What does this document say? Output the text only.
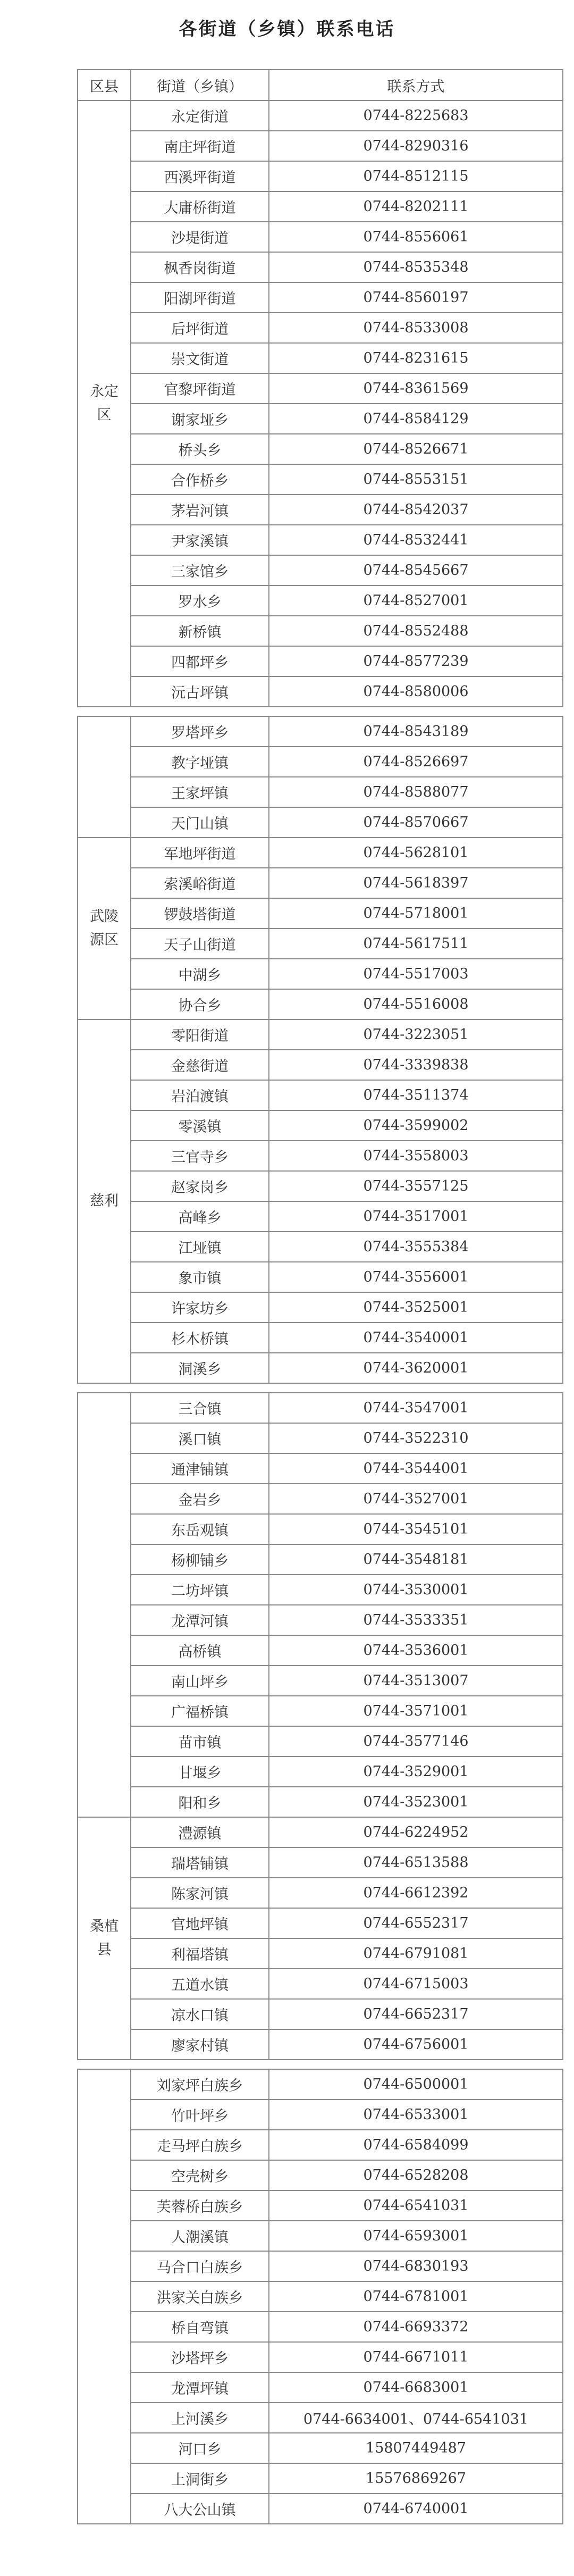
各街道（乡镇）联系电话
区县	街道（乡镇）	联系方式

永定
区	永定街道	0744-8225683
	南庄坪街道	0744-8290316
	西溪坪街道	0744-8512115
	大庸桥街道	0744-8202111
	沙堤街道	0744-8556061
	枫香岗街道	0744-8535348
	阳湖坪街道	0744-8560197
	后坪街道	0744-8533008
	崇文街道	0744-8231615
	官黎坪街道	0744-8361569
	谢家垭乡	0744-8584129
	桥头乡	0744-8526671
	合作桥乡	0744-8553151
	茅岩河镇	0744-8542037
	尹家溪镇	0744-8532441
	三家馆乡	0744-8545667
	罗水乡	0744-8527001
	新桥镇	0744-8552488
	四都坪乡	0744-8577239
	沅古坪镇	0744-8580006
	罗塔坪乡	0744-8543189
	教字垭镇	0744-8526697
	王家坪镇	0744-8588077
	天门山镇	0744-8570667

武陵
源区	军地坪街道	0744-5628101
	索溪峪街道	0744-5618397
	锣鼓塔街道	0744-5718001
	天子山街道	0744-5617511
	中湖乡	0744-5517003
	协合乡	0744-5516008

慈利	零阳街道	0744-3223051
	金慈街道	0744-3339838
	岩泊渡镇	0744-3511374
	零溪镇	0744-3599002
	三官寺乡	0744-3558003
	赵家岗乡	0744-3557125
	高峰乡	0744-3517001
	江垭镇	0744-3555384
	象市镇	0744-3556001
	许家坊乡	0744-3525001
	杉木桥镇	0744-3540001
	洞溪乡	0744-3620001
	三合镇	0744-3547001
	溪口镇	0744-3522310
	通津铺镇	0744-3544001
	金岩乡	0744-3527001
	东岳观镇	0744-3545101
	杨柳铺乡	0744-3548181
	二坊坪镇	0744-3530001
	龙潭河镇	0744-3533351
	高桥镇	0744-3536001
	南山坪乡	0744-3513007
	广福桥镇	0744-3571001
	苗市镇	0744-3577146
	甘堰乡	0744-3529001
	阳和乡	0744-3523001

桑植
县	澧源镇	0744-6224952
	瑞塔铺镇	0744-6513588
	陈家河镇	0744-6612392
	官地坪镇	0744-6552317
	利福塔镇	0744-6791081
	五道水镇	0744-6715003
	凉水口镇	0744-6652317
	廖家村镇	0744-6756001
	刘家坪白族乡	0744-6500001
	竹叶坪乡	0744-6533001
	走马坪白族乡	0744-6584099
	空壳树乡	0744-6528208
	芙蓉桥白族乡	0744-6541031
	人潮溪镇	0744-6593001
	马合口白族乡	0744-6830193
	洪家关白族乡	0744-6781001
	桥自弯镇	0744-6693372
	沙塔坪乡	0744-6671011
	龙潭坪镇	0744-6683001
	上河溪乡	0744-6634001、0744-6541031
	河口乡	15807449487
	上洞街乡	15576869267
	八大公山镇	0744-6740001
